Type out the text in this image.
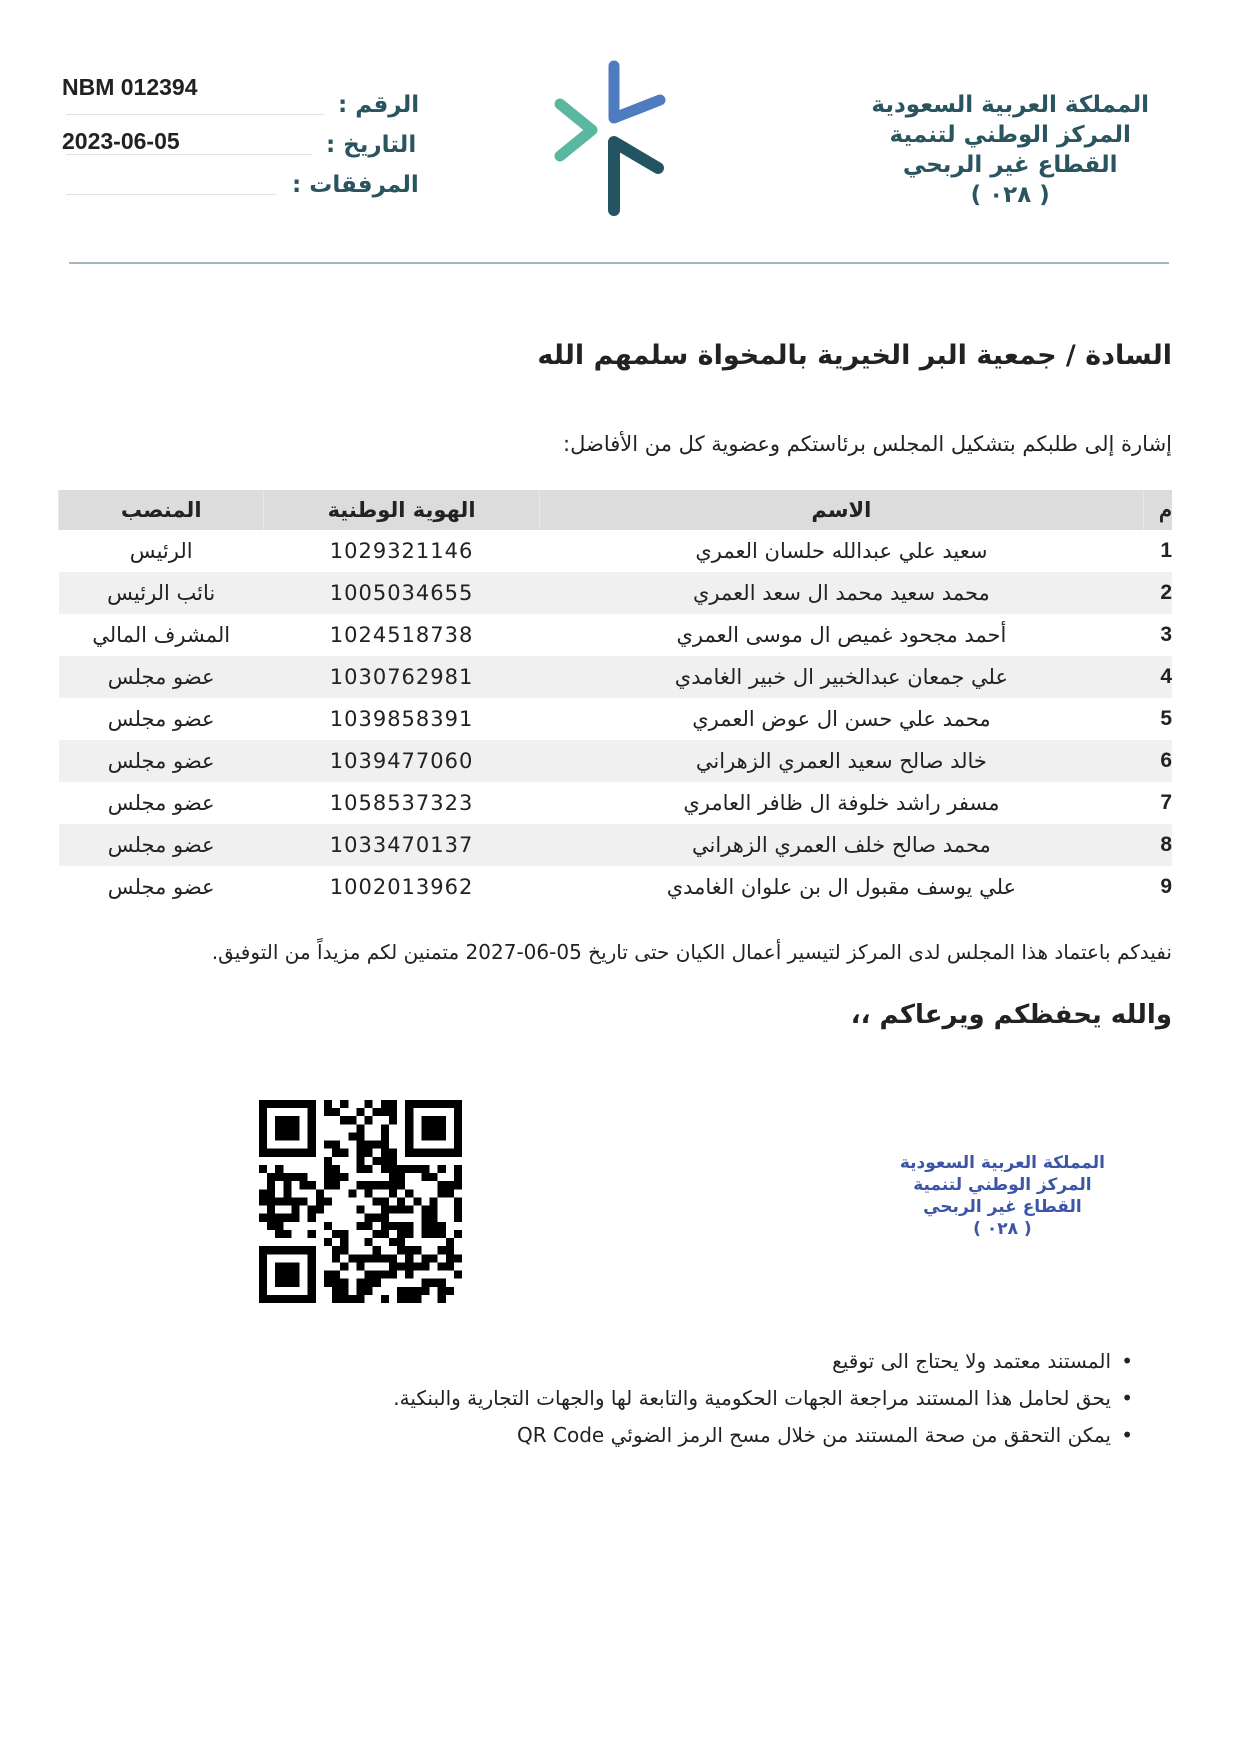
NBM 012394
الرقم :
2023-06-05	التاريخ :
المرفقات :
المملكة العربية السعودية
المركز الوطني لتنمية
القطاع غير الربحي
( ٠٢٨ )
السادة / جمعية البر الخيرية بالمخواة سلمهم الله
إشارة إلى طلبكم بتشكيل المجلس برئاستكم وعضوية كل من الأفاضل:
م	الاسم	الهوية الوطنية	المنصب
1	سعيد علي عبدالله حلسان العمري	1029321146	الرئيس
2	محمد سعيد محمد ال سعد العمري	1005034655	نائب الرئيس
3	أحمد مجحود غميص ال موسى العمري	1024518738	المشرف المالي
4	علي جمعان عبدالخبير ال خبير الغامدي	1030762981	عضو مجلس
5	محمد علي حسن ال عوض العمري	1039858391	عضو مجلس
6	خالد صالح سعيد العمري الزهراني	1039477060	عضو مجلس
7	مسفر راشد خلوفة ال ظافر العامري	1058537323	عضو مجلس
8	محمد صالح خلف العمري الزهراني	1033470137	عضو مجلس
9	علي يوسف مقبول ال بن علوان الغامدي	1002013962	عضو مجلس
نفيدكم باعتماد هذا المجلس لدى المركز لتيسير أعمال الكيان حتى تاريخ 05-06-2027 متمنين لكم مزيداً من التوفيق.
والله يحفظكم ويرعاكم ،،
المملكة العربية السعودية
المركز الوطني لتنمية
القطاع غير الربحي
( ٠٢٨ )
• المستند معتمد ولا يحتاج الى توقيع
• يحق لحامل هذا المستند مراجعة الجهات الحكومية والتابعة لها والجهات التجارية والبنكية.
• يمكن التحقق من صحة المستند من خلال مسح الرمز الضوئي QR Code
